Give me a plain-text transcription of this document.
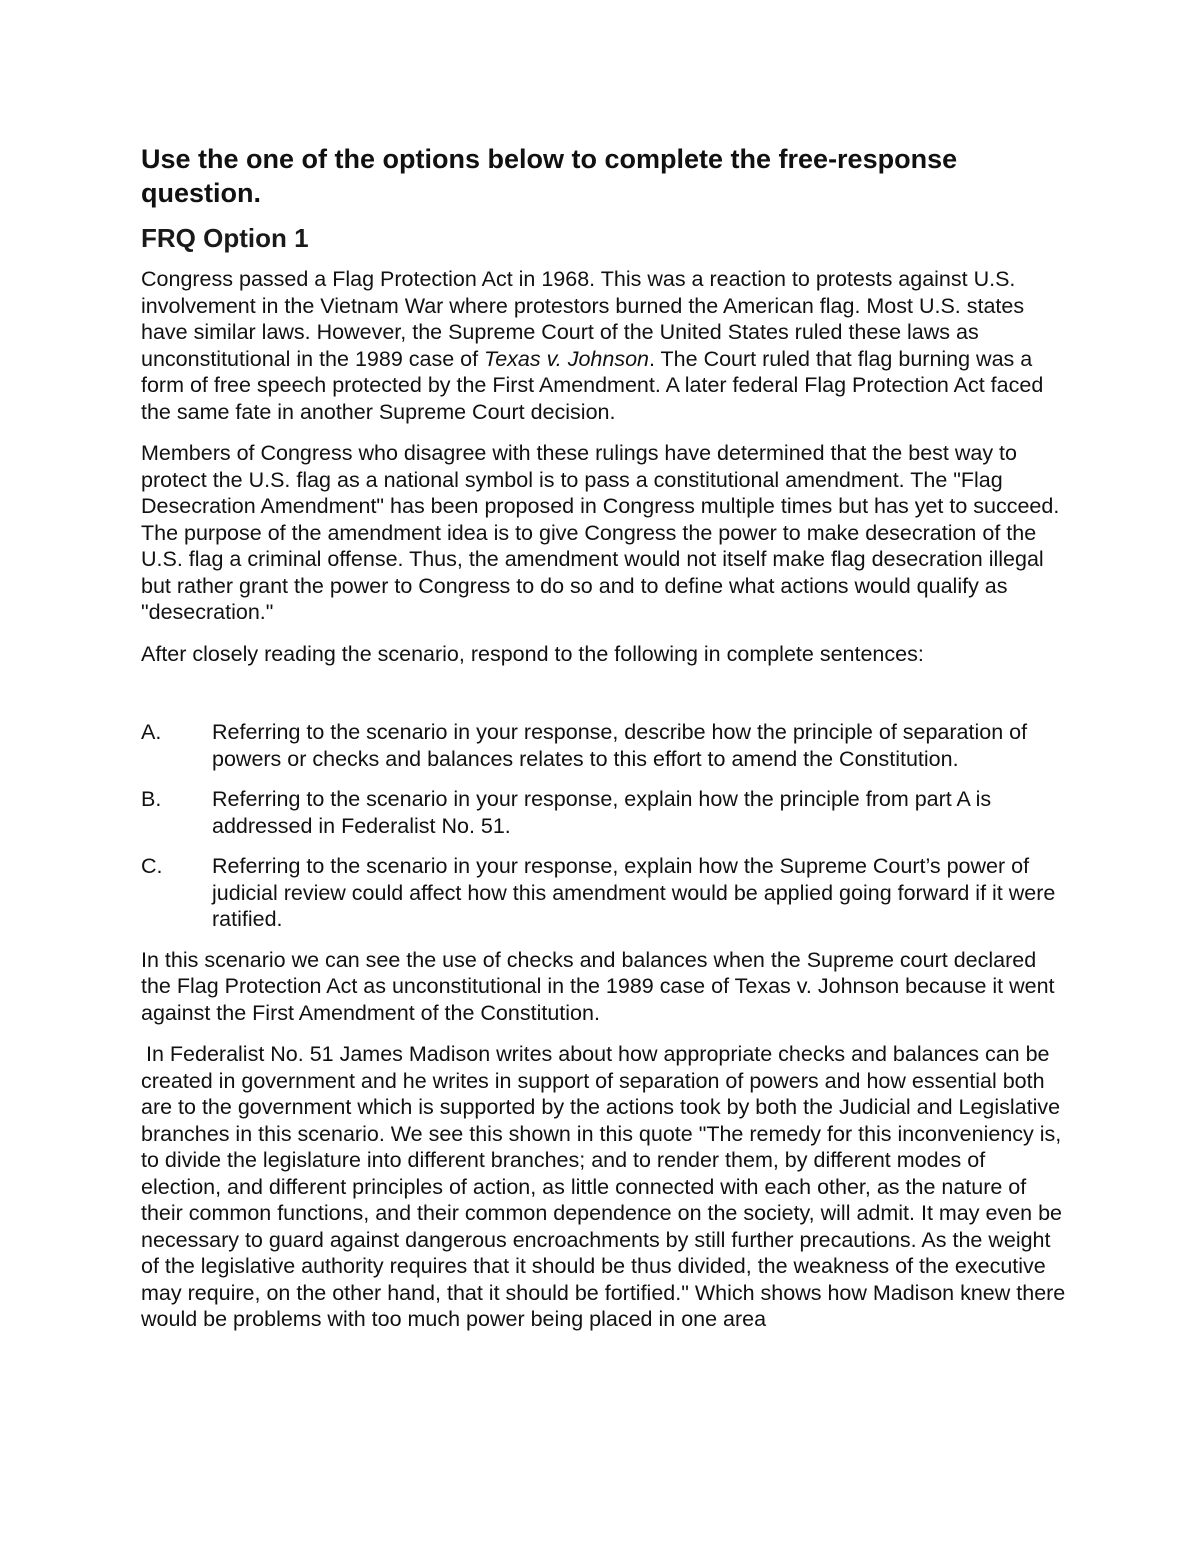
Use the one of the options below to complete the free-response question.
FRQ Option 1

Congress passed a Flag Protection Act in 1968. This was a reaction to protests against U.S. involvement in the Vietnam War where protestors burned the American flag. Most U.S. states have similar laws. However, the Supreme Court of the United States ruled these laws as unconstitutional in the 1989 case of Texas v. Johnson. The Court ruled that flag burning was a form of free speech protected by the First Amendment. A later federal Flag Protection Act faced the same fate in another Supreme Court decision.

Members of Congress who disagree with these rulings have determined that the best way to protect the U.S. flag as a national symbol is to pass a constitutional amendment. The "Flag Desecration Amendment" has been proposed in Congress multiple times but has yet to succeed. The purpose of the amendment idea is to give Congress the power to make desecration of the U.S. flag a criminal offense. Thus, the amendment would not itself make flag desecration illegal but rather grant the power to Congress to do so and to define what actions would qualify as "desecration."

After closely reading the scenario, respond to the following in complete sentences:

A.	Referring to the scenario in your response, describe how the principle of separation of powers or checks and balances relates to this effort to amend the Constitution.
B.	Referring to the scenario in your response, explain how the principle from part A is addressed in Federalist No. 51.
C.	Referring to the scenario in your response, explain how the Supreme Court’s power of judicial review could affect how this amendment would be applied going forward if it were ratified.

In this scenario we can see the use of checks and balances when the Supreme court declared the Flag Protection Act as unconstitutional in the 1989 case of Texas v. Johnson because it went against the First Amendment of the Constitution.

In Federalist No. 51 James Madison writes about how appropriate checks and balances can be created in government and he writes in support of separation of powers and how essential both are to the government which is supported by the actions took by both the Judicial and Legislative branches in this scenario. We see this shown in this quote "The remedy for this inconveniency is, to divide the legislature into different branches; and to render them, by different modes of election, and different principles of action, as little connected with each other, as the nature of their common functions, and their common dependence on the society, will admit. It may even be necessary to guard against dangerous encroachments by still further precautions. As the weight of the legislative authority requires that it should be thus divided, the weakness of the executive may require, on the other hand, that it should be fortified." Which shows how Madison knew there would be problems with too much power being placed in one area
